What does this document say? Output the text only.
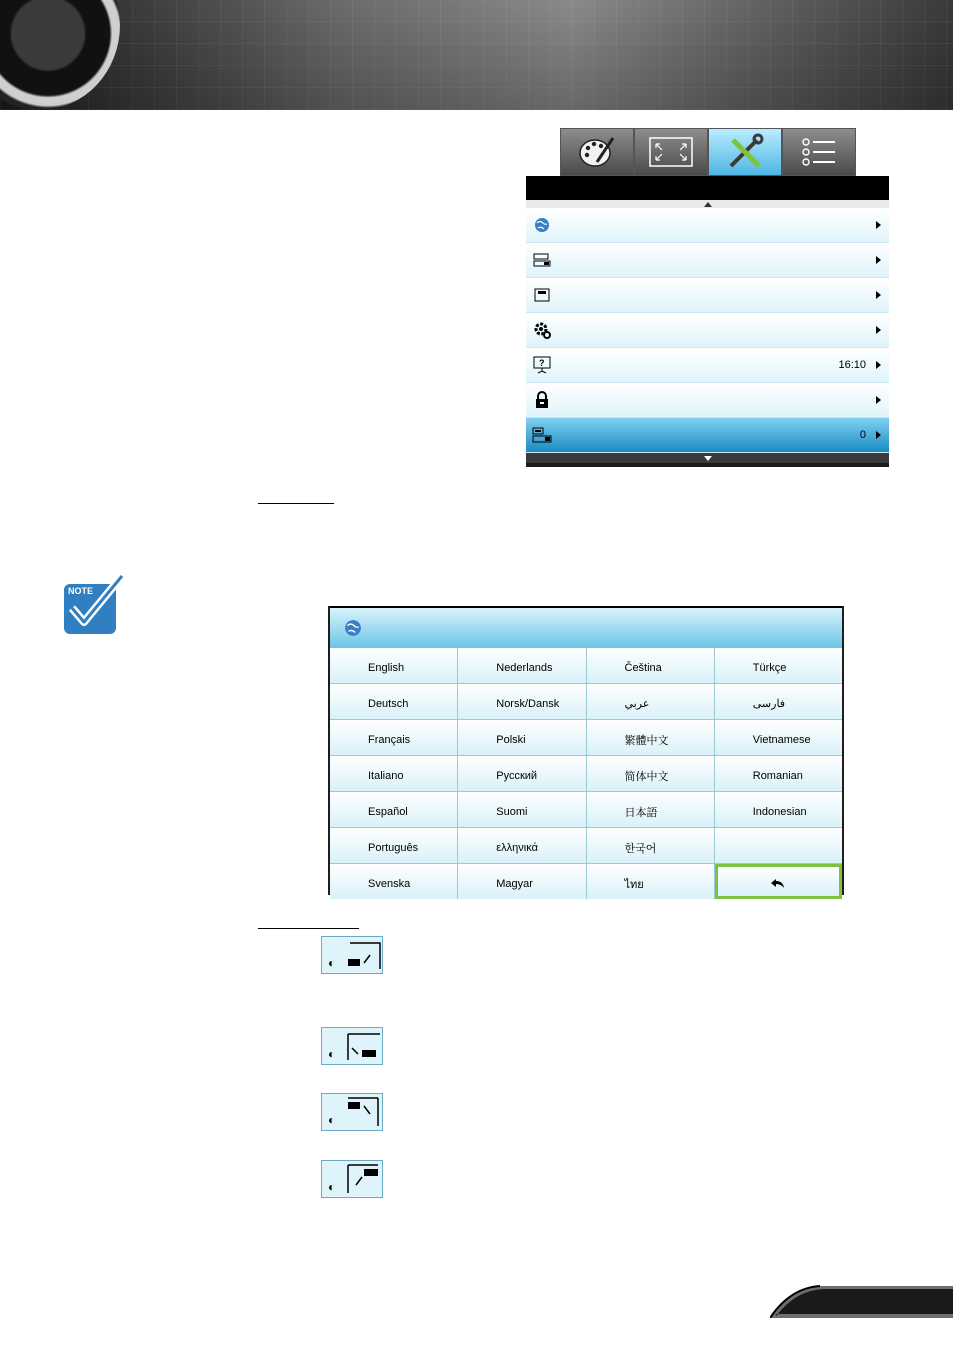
?	16:10
0
NOTE
English	Nederlands	Čeština	Türkçe
Deutsch	Norsk/Dansk	عربي	فارسی
Français	Polski	繁體中文	Vietnamese
Italiano	Русский	简体中文	Romanian
Español	Suomi	日本語	Indonesian
Português	ελληνικά	한국어
Svenska	Magyar	ไทย
◐
◐
◐
◐
